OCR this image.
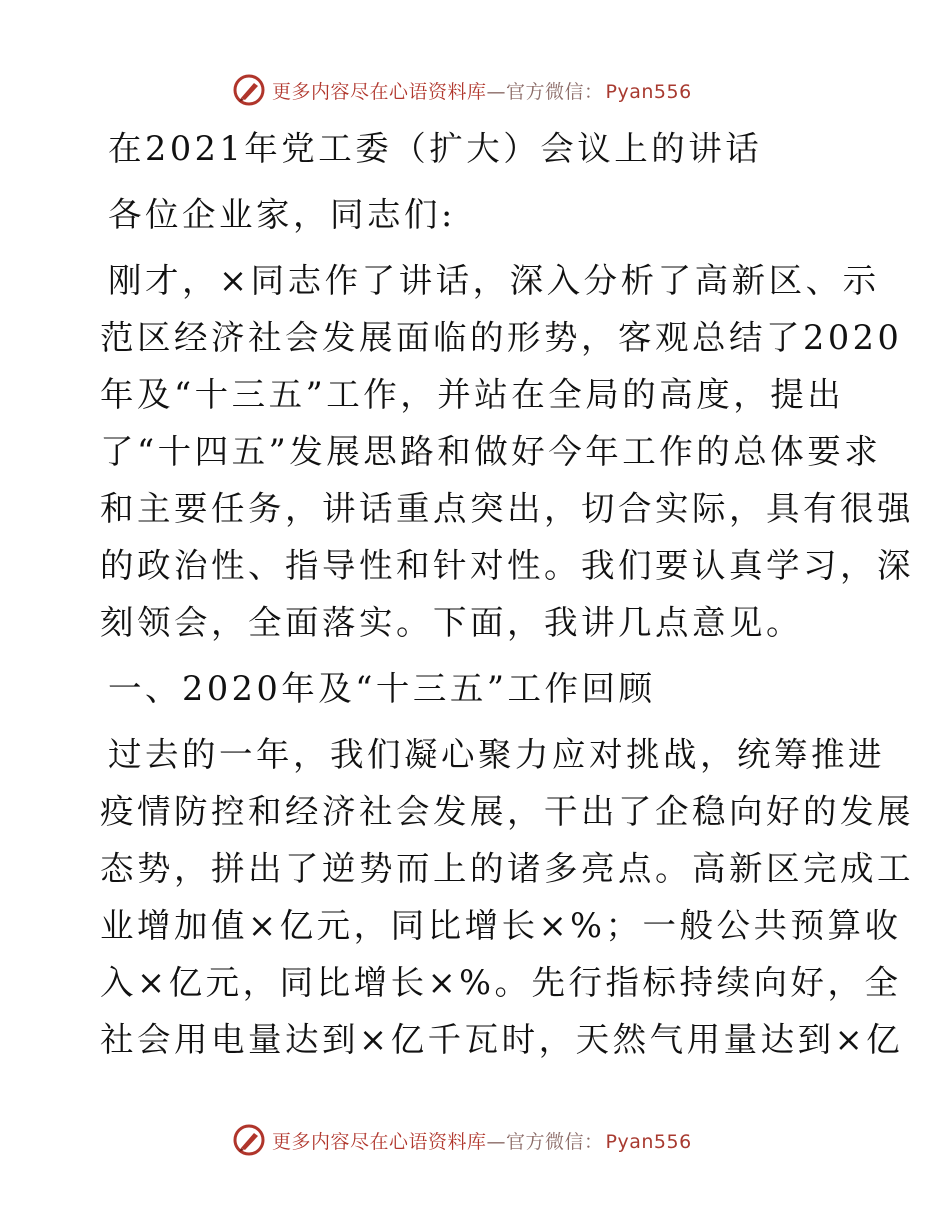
更多内容尽在心语资料库—官方微信： Pyan556
在2021年党工委（扩大）会议上的讲话
各位企业家，同志们:
刚才，×同志作了讲话，深入分析了高新区、示
范区经济社会发展面临的形势，客观总结了2020
年及“十三五”工作，并站在全局的高度，提出
了“十四五”发展思路和做好今年工作的总体要求
和主要任务，讲话重点突出，切合实际，具有很强
的政治性、指导性和针对性。我们要认真学习，深
刻领会，全面落实。下面，我讲几点意见。
一、2020年及“十三五”工作回顾
过去的一年，我们凝心聚力应对挑战，统筹推进
疫情防控和经济社会发展，干出了企稳向好的发展
态势，拼出了逆势而上的诸多亮点。高新区完成工
业增加值×亿元，同比增长×%；一般公共预算收
入×亿元，同比增长×%。先行指标持续向好，全
社会用电量达到×亿千瓦时，天然气用量达到×亿
更多内容尽在心语资料库—官方微信： Pyan556
